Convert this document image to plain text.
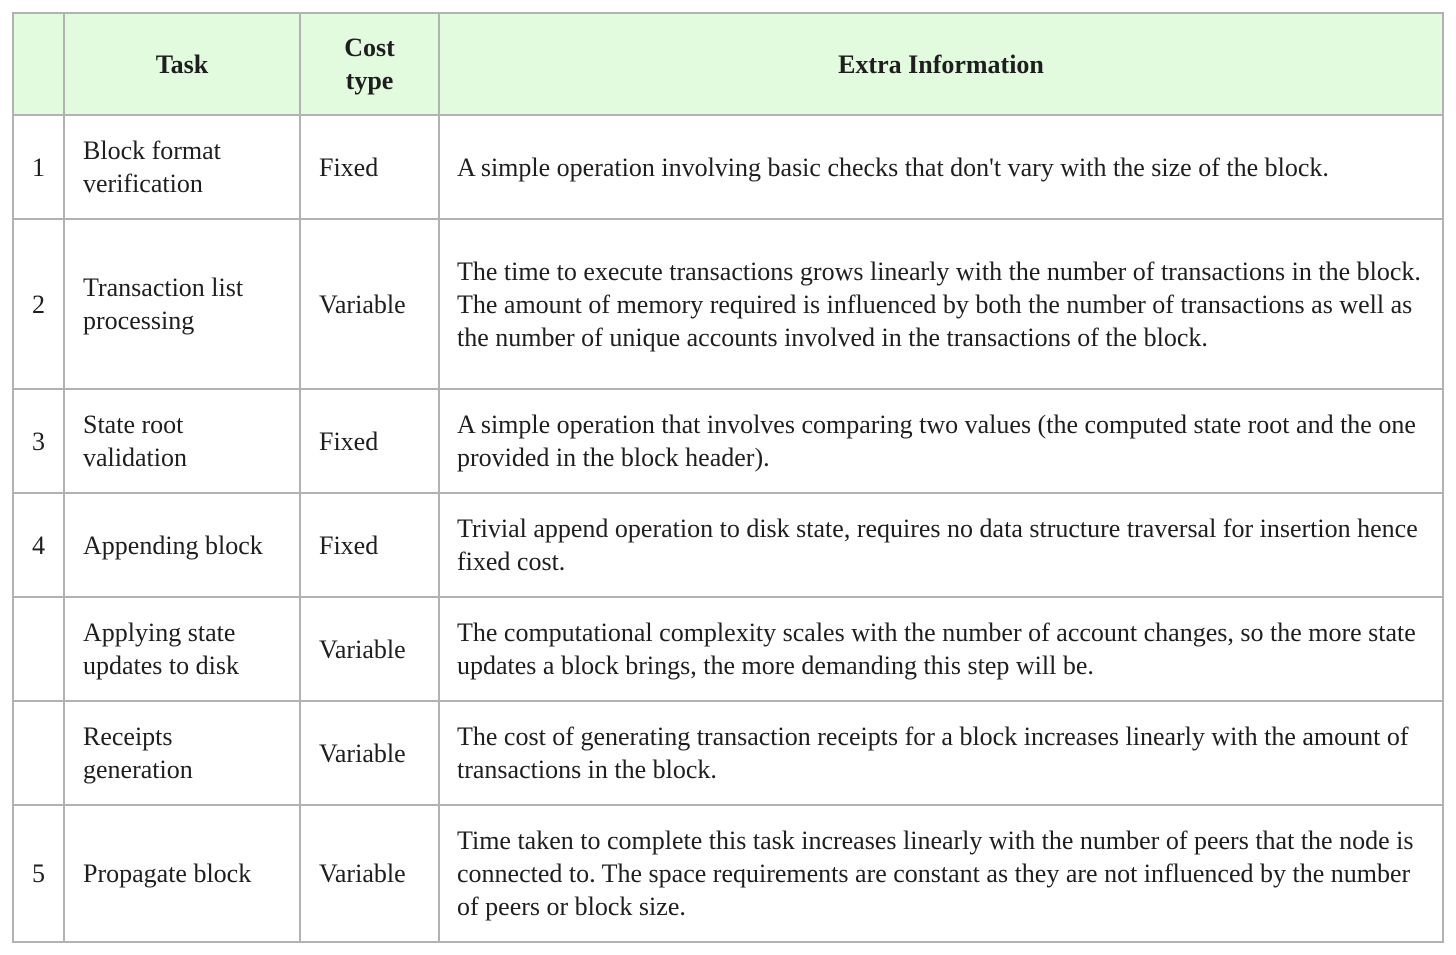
	Task	Cost type	Extra Information
1	Block format verification	Fixed	A simple operation involving basic checks that don't vary with the size of the block.
2	Transaction list processing	Variable	The time to execute transactions grows linearly with the number of transactions in the block. The amount of memory required is influenced by both the number of transactions as well as the number of unique accounts involved in the transactions of the block.
3	State root validation	Fixed	A simple operation that involves comparing two values (the computed state root and the one provided in the block header).
4	Appending block	Fixed	Trivial append operation to disk state, requires no data structure traversal for insertion hence fixed cost.
	Applying state updates to disk	Variable	The computational complexity scales with the number of account changes, so the more state updates a block brings, the more demanding this step will be.
	Receipts generation	Variable	The cost of generating transaction receipts for a block increases linearly with the amount of transactions in the block.
5	Propagate block	Variable	Time taken to complete this task increases linearly with the number of peers that the node is connected to. The space requirements are constant as they are not influenced by the number of peers or block size.
